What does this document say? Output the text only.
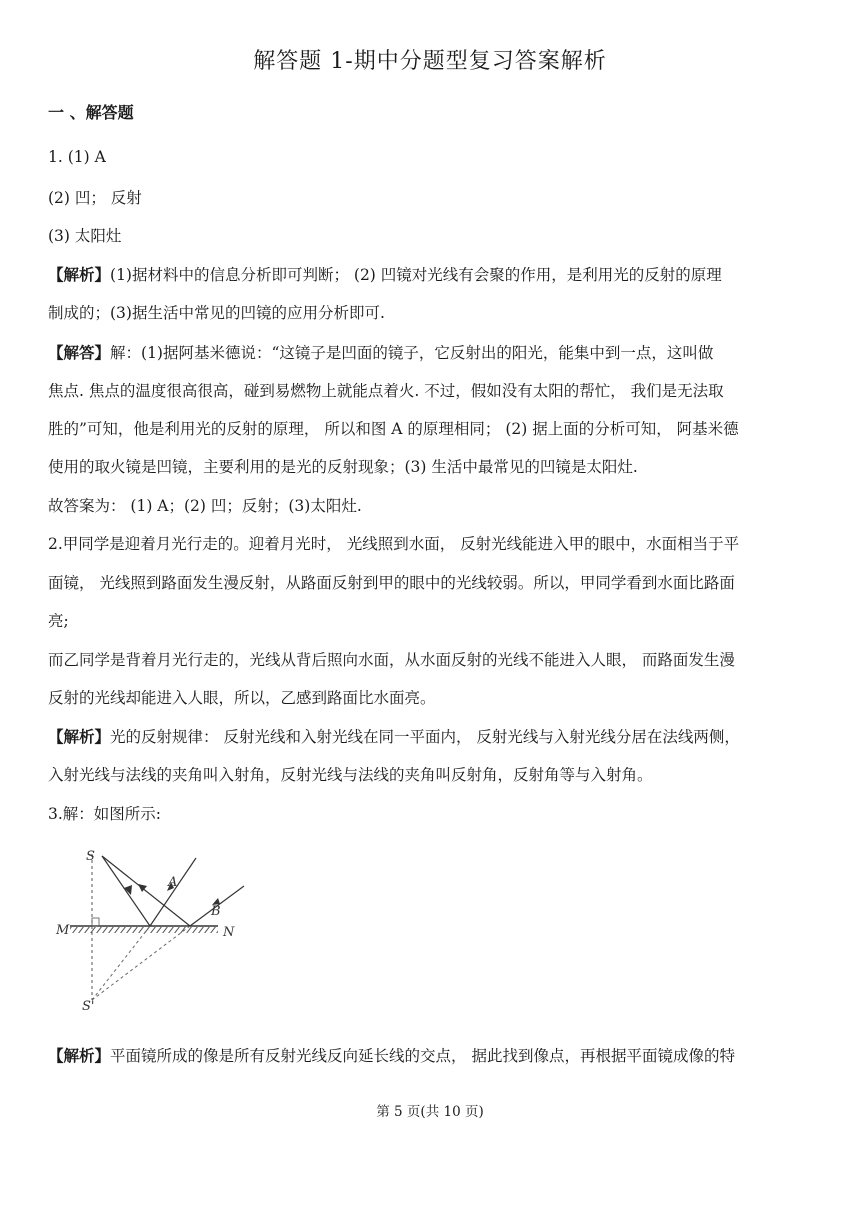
解答题 1-期中分题型复习答案解析
一 、解答题
1. (1) A
(2) 凹； 反射
(3) 太阳灶
【解析】(1)据材料中的信息分析即可判断； (2) 凹镜对光线有会聚的作用，是利用光的反射的原理
制成的；(3)据生活中常见的凹镜的应用分析即可.
【解答】解：(1)据阿基米德说：“这镜子是凹面的镜子，它反射出的阳光，能集中到一点，这叫做
焦点. 焦点的温度很高很高，碰到易燃物上就能点着火. 不过，假如没有太阳的帮忙， 我们是无法取
胜的”可知，他是利用光的反射的原理， 所以和图 A 的原理相同； (2) 据上面的分析可知， 阿基米德
使用的取火镜是凹镜，主要利用的是光的反射现象；(3) 生活中最常见的凹镜是太阳灶.
故答案为： (1) A；(2) 凹；反射；(3)太阳灶.
2.甲同学是迎着月光行走的。迎着月光时， 光线照到水面， 反射光线能进入甲的眼中，水面相当于平
面镜， 光线照到路面发生漫反射，从路面反射到甲的眼中的光线较弱。所以，甲同学看到水面比路面
亮;
而乙同学是背着月光行走的，光线从背后照向水面，从水面反射的光线不能进入人眼， 而路面发生漫
反射的光线却能进入人眼，所以，乙感到路面比水面亮。
【解析】光的反射规律： 反射光线和入射光线在同一平面内， 反射光线与入射光线分居在法线两侧，
入射光线与法线的夹角叫入射角，反射光线与法线的夹角叫反射角，反射角等与入射角。
3.解：如图所示:
S
A
B
M	N
S'
【解析】平面镜所成的像是所有反射光线反向延长线的交点， 据此找到像点，再根据平面镜成像的特
第 5 页(共 10 页)
